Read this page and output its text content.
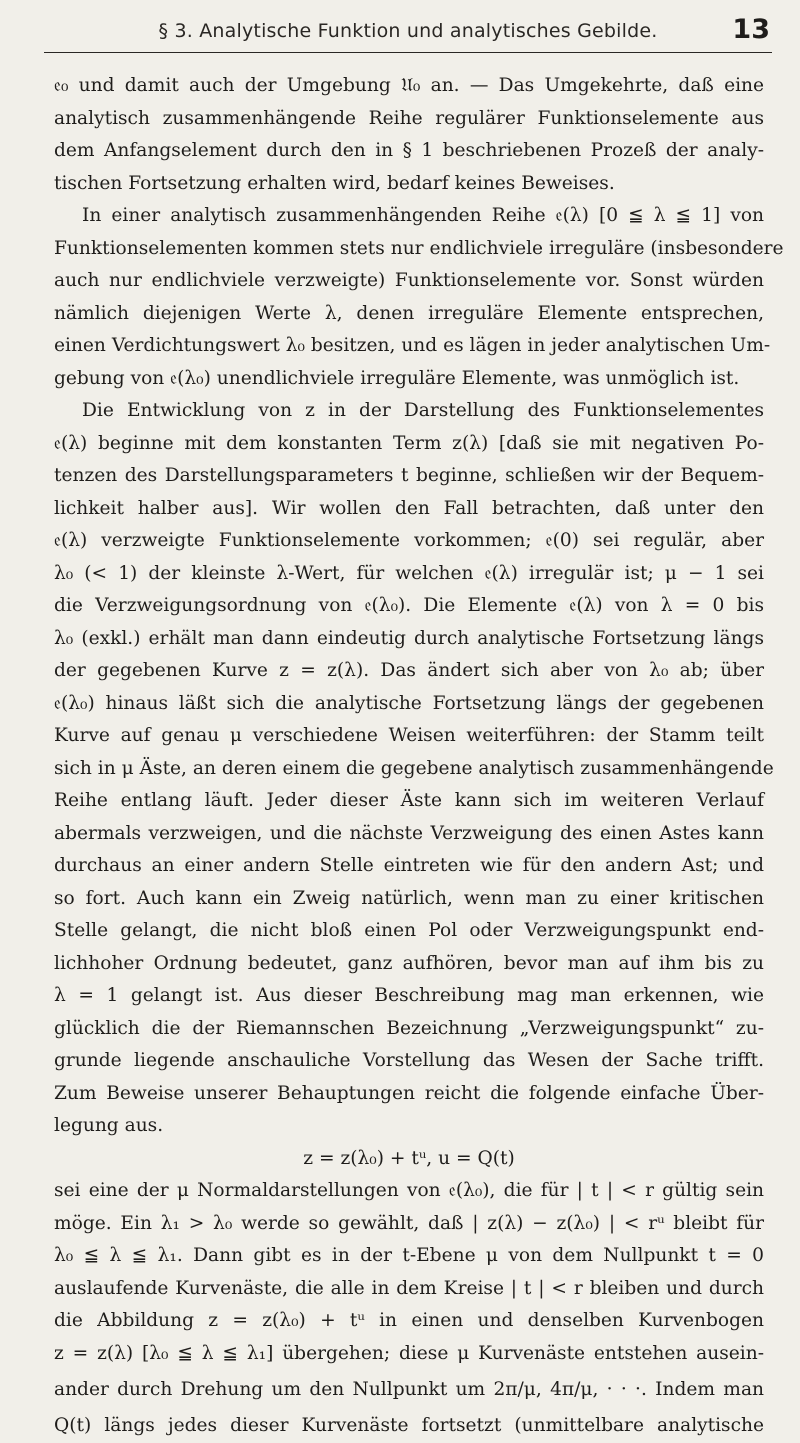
§ 3. Analytische Funktion und analytisches Gebilde.	13
𝔢₀ und damit auch der Umgebung 𝔘₀ an. — Das Umgekehrte, daß eine
analytisch zusammenhängende Reihe regulärer Funktionselemente aus
dem Anfangselement durch den in § 1 beschriebenen Prozeß der analy-
tischen Fortsetzung erhalten wird, bedarf keines Beweises.
In einer analytisch zusammenhängenden Reihe 𝔢(λ) [0 ≦ λ ≦ 1] von
Funktionselementen kommen stets nur endlichviele irreguläre (insbesondere
auch nur endlichviele verzweigte) Funktionselemente vor. Sonst würden
nämlich diejenigen Werte λ, denen irreguläre Elemente entsprechen,
einen Verdichtungswert λ₀ besitzen, und es lägen in jeder analytischen Um-
gebung von 𝔢(λ₀) unendlichviele irreguläre Elemente, was unmöglich ist.
Die Entwicklung von z in der Darstellung des Funktionselementes
𝔢(λ) beginne mit dem konstanten Term z(λ) [daß sie mit negativen Po-
tenzen des Darstellungsparameters t beginne, schließen wir der Bequem-
lichkeit halber aus]. Wir wollen den Fall betrachten, daß unter den
𝔢(λ) verzweigte Funktionselemente vorkommen; 𝔢(0) sei regulär, aber
λ₀ (< 1) der kleinste λ-Wert, für welchen 𝔢(λ) irregulär ist; μ − 1 sei
die Verzweigungsordnung von 𝔢(λ₀). Die Elemente 𝔢(λ) von λ = 0 bis
λ₀ (exkl.) erhält man dann eindeutig durch analytische Fortsetzung längs
der gegebenen Kurve z = z(λ). Das ändert sich aber von λ₀ ab; über
𝔢(λ₀) hinaus läßt sich die analytische Fortsetzung längs der gegebenen
Kurve auf genau μ verschiedene Weisen weiterführen: der Stamm teilt
sich in μ Äste, an deren einem die gegebene analytisch zusammenhängende
Reihe entlang läuft. Jeder dieser Äste kann sich im weiteren Verlauf
abermals verzweigen, und die nächste Verzweigung des einen Astes kann
durchaus an einer andern Stelle eintreten wie für den andern Ast; und
so fort. Auch kann ein Zweig natürlich, wenn man zu einer kritischen
Stelle gelangt, die nicht bloß einen Pol oder Verzweigungspunkt end-
lichhoher Ordnung bedeutet, ganz aufhören, bevor man auf ihm bis zu
λ = 1 gelangt ist. Aus dieser Beschreibung mag man erkennen, wie
glücklich die der Riemannschen Bezeichnung „Verzweigungspunkt“ zu-
grunde liegende anschauliche Vorstellung das Wesen der Sache trifft.
Zum Beweise unserer Behauptungen reicht die folgende einfache Über-
legung aus.
z = z(λ₀) + tᵘ, u = Q(t)
sei eine der μ Normaldarstellungen von 𝔢(λ₀), die für | t | < r gültig sein
möge. Ein λ₁ > λ₀ werde so gewählt, daß | z(λ) − z(λ₀) | < rᵘ bleibt für
λ₀ ≦ λ ≦ λ₁. Dann gibt es in der t-Ebene μ von dem Nullpunkt t = 0
auslaufende Kurvenäste, die alle in dem Kreise | t | < r bleiben und durch
die Abbildung z = z(λ₀) + tᵘ in einen und denselben Kurvenbogen
z = z(λ) [λ₀ ≦ λ ≦ λ₁] übergehen; diese μ Kurvenäste entstehen ausein-
ander durch Drehung um den Nullpunkt um 2π/μ, 4π/μ, · · ·. Indem man
Q(t) längs jedes dieser Kurvenäste fortsetzt (unmittelbare analytische
